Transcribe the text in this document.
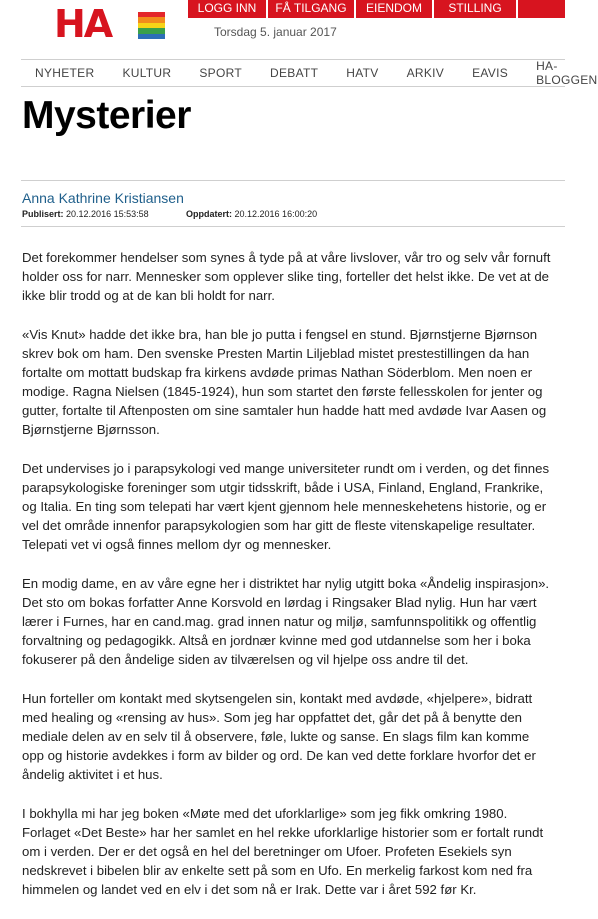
HA	Torsdag 5. januar 2017
LOGG INN	FÅ TILGANG	EIENDOM	STILLING
NYHETER KULTUR SPORT DEBATT HATV ARKIV EAVIS HA-BLOGGEN
Mysterier
Anna Kathrine Kristiansen
Publisert: 20.12.2016 15:53:58	Oppdatert: 20.12.2016 16:00:20

Det forekommer hendelser som synes å tyde på at våre livslover, vår tro og selv vår fornuft holder oss for narr. Mennesker som opplever slike ting, forteller det helst ikke. De vet at de ikke blir trodd og at de kan bli holdt for narr.

«Vis Knut» hadde det ikke bra, han ble jo putta i fengsel en stund. Bjørnstjerne Bjørnson skrev bok om ham. Den svenske Presten Martin Liljeblad mistet prestestillingen da han fortalte om mottatt budskap fra kirkens avdøde primas Nathan Söderblom. Men noen er modige. Ragna Nielsen (1845-1924), hun som startet den første fellesskolen for jenter og gutter, fortalte til Aftenposten om sine samtaler hun hadde hatt med avdøde Ivar Aasen og Bjørnstjerne Bjørnsson.

Det undervises jo i parapsykologi ved mange universiteter rundt om i verden, og det finnes parapsykologiske foreninger som utgir tidsskrift, både i USA, Finland, England, Frankrike, og Italia. En ting som telepati har vært kjent gjennom hele menneskehetens historie, og er vel det område innenfor parapsykologien som har gitt de fleste vitenskapelige resultater. Telepati vet vi også finnes mellom dyr og mennesker.

En modig dame, en av våre egne her i distriktet har nylig utgitt boka «Åndelig inspirasjon». Det sto om bokas forfatter Anne Korsvold en lørdag i Ringsaker Blad nylig. Hun har vært lærer i Furnes, har en cand.mag. grad innen natur og miljø, samfunnspolitikk og offentlig forvaltning og pedagogikk. Altså en jordnær kvinne med god utdannelse som her i boka fokuserer på den åndelige siden av tilværelsen og vil hjelpe oss andre til det.

Hun forteller om kontakt med skytsengelen sin, kontakt med avdøde, «hjelpere», bidratt med healing og «rensing av hus». Som jeg har oppfattet det, går det på å benytte den mediale delen av en selv til å observere, føle, lukte og sanse. En slags film kan komme opp og historie avdekkes i form av bilder og ord. De kan ved dette forklare hvorfor det er åndelig aktivitet i et hus.

I bokhylla mi har jeg boken «Møte med det uforklarlige» som jeg fikk omkring 1980. Forlaget «Det Beste» har her samlet en hel rekke uforklarlige historier som er fortalt rundt om i verden. Der er det også en hel del beretninger om Ufoer. Profeten Esekiels syn nedskrevet i bibelen blir av enkelte sett på som en Ufo. En merkelig farkost kom ned fra himmelen og landet ved en elv i det som nå er Irak. Dette var i året 592 før Kr.
